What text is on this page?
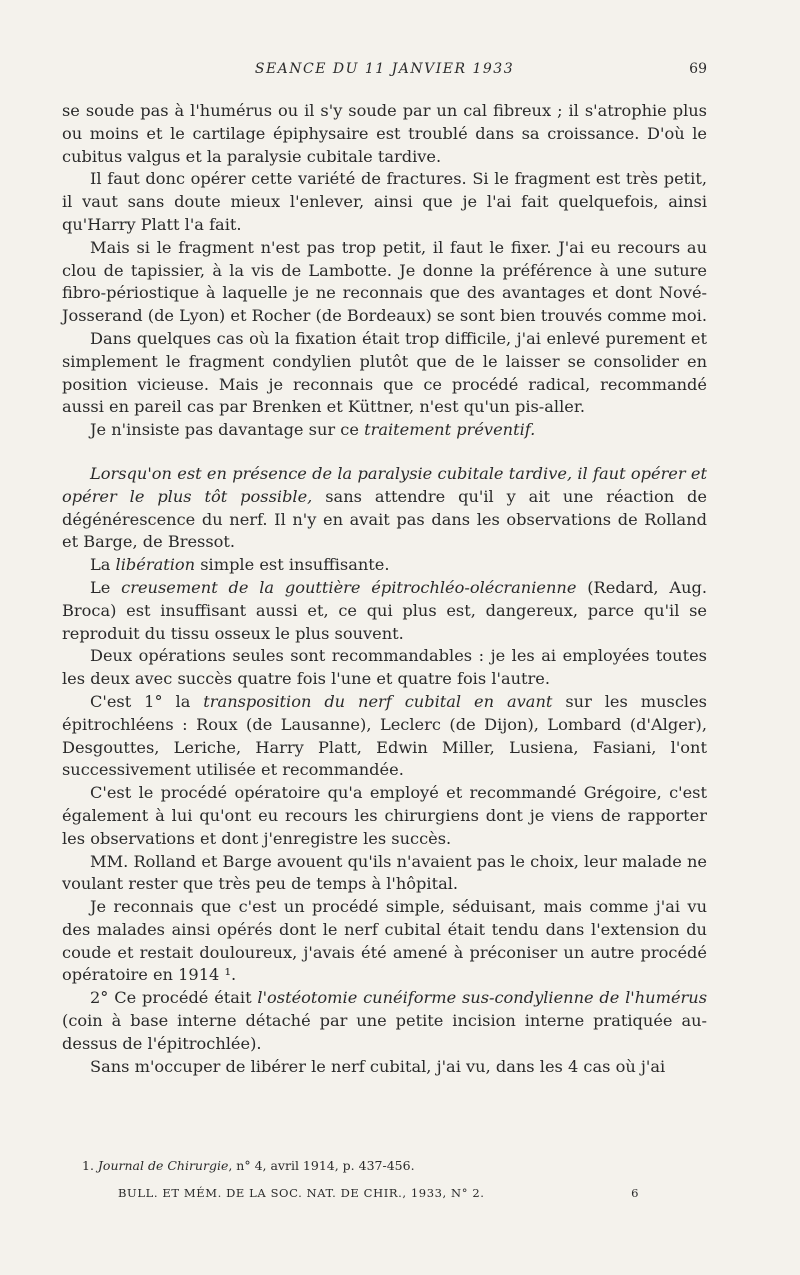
SEANCE DU 11 JANVIER 1933	69

se soude pas à l'humérus ou il s'y soude par un cal fibreux ; il s'atrophie plus ou moins et le cartilage épiphysaire est troublé dans sa croissance. D'où le cubitus valgus et la paralysie cubitale tardive.

Il faut donc opérer cette variété de fractures. Si le fragment est très petit, il vaut sans doute mieux l'enlever, ainsi que je l'ai fait quelquefois, ainsi qu'Harry Platt l'a fait.

Mais si le fragment n'est pas trop petit, il faut le fixer. J'ai eu recours au clou de tapissier, à la vis de Lambotte. Je donne la préférence à une suture fibro-périostique à laquelle je ne reconnais que des avantages et dont Nové-Josserand (de Lyon) et Rocher (de Bordeaux) se sont bien trouvés comme moi.

Dans quelques cas où la fixation était trop difficile, j'ai enlevé purement et simplement le fragment condylien plutôt que de le laisser se consolider en position vicieuse. Mais je reconnais que ce procédé radical, recommandé aussi en pareil cas par Brenken et Küttner, n'est qu'un pis-aller.

Je n'insiste pas davantage sur ce traitement préventif.

Lorsqu'on est en présence de la paralysie cubitale tardive, il faut opérer et opérer le plus tôt possible, sans attendre qu'il y ait une réaction de dégénérescence du nerf. Il n'y en avait pas dans les observations de Rolland et Barge, de Bressot.

La libération simple est insuffisante.

Le creusement de la gouttière épitrochléo-olécranienne (Redard, Aug. Broca) est insuffisant aussi et, ce qui plus est, dangereux, parce qu'il se reproduit du tissu osseux le plus souvent.

Deux opérations seules sont recommandables : je les ai employées toutes les deux avec succès quatre fois l'une et quatre fois l'autre.

C'est 1° la transposition du nerf cubital en avant sur les muscles épitrochléens : Roux (de Lausanne), Leclerc (de Dijon), Lombard (d'Alger), Desgouttes, Leriche, Harry Platt, Edwin Miller, Lusiena, Fasiani, l'ont successivement utilisée et recommandée.

C'est le procédé opératoire qu'a employé et recommandé Grégoire, c'est également à lui qu'ont eu recours les chirurgiens dont je viens de rapporter les observations et dont j'enregistre les succès.

MM. Rolland et Barge avouent qu'ils n'avaient pas le choix, leur malade ne voulant rester que très peu de temps à l'hôpital.

Je reconnais que c'est un procédé simple, séduisant, mais comme j'ai vu des malades ainsi opérés dont le nerf cubital était tendu dans l'extension du coude et restait douloureux, j'avais été amené à préconiser un autre procédé opératoire en 1914 ¹.

2° Ce procédé était l'ostéotomie cunéiforme sus-condylienne de l'humérus (coin à base interne détaché par une petite incision interne pratiquée au-dessus de l'épitrochlée).

Sans m'occuper de libérer le nerf cubital, j'ai vu, dans les 4 cas où j'ai

1. Journal de Chirurgie, n° 4, avril 1914, p. 437-456.
BULL. ET MÉM. DE LA SOC. NAT. DE CHIR., 1933, N° 2.	6
